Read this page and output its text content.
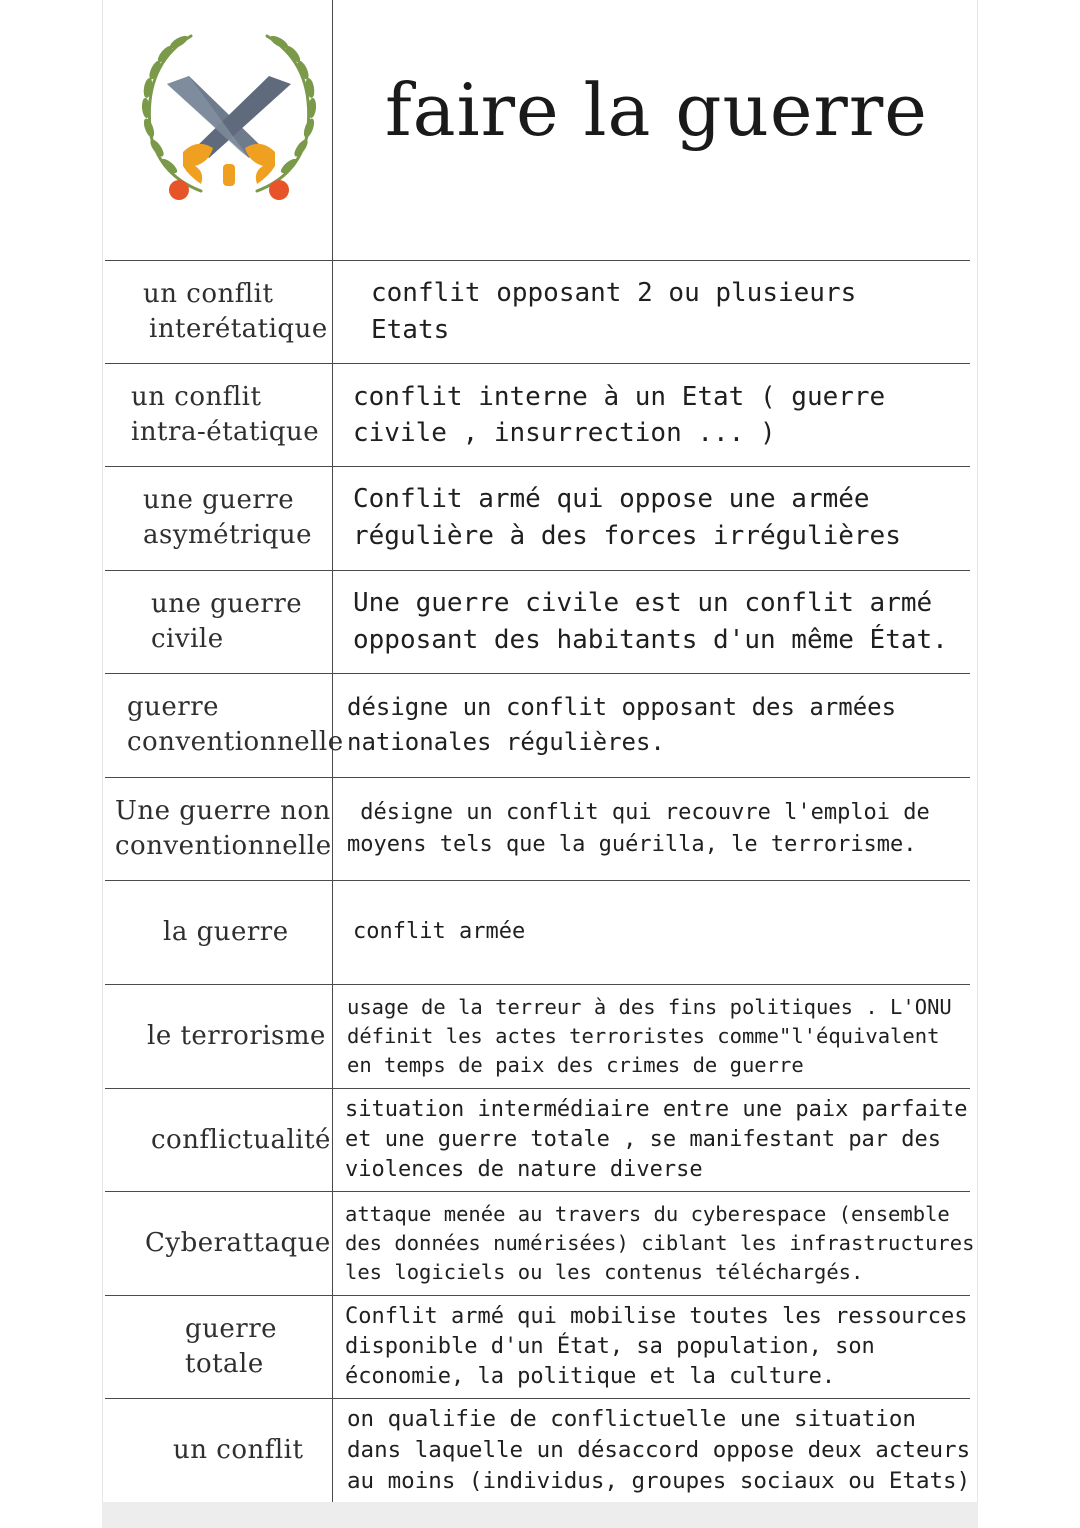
faire la guerre
un conflit
interétatique
conflit opposant 2 ou plusieurs
Etats
un conflit
intra-étatique
conflit interne à un Etat ( guerre
civile , insurrection ... )
une guerre
asymétrique
Conflit armé qui oppose une armée
régulière à des forces irrégulières
une guerre
civile
Une guerre civile est un conflit armé
opposant des habitants d'un même État.
guerre
conventionnelle
désigne un conflit opposant des armées
nationales régulières.
Une guerre non
conventionnelle
désigne un conflit qui recouvre l'emploi de
moyens tels que la guérilla, le terrorisme.
la guerre	conflit armée
le terrorisme
usage de la terreur à des fins politiques . L'ONU
définit les actes terroristes comme"l'équivalent
en temps de paix des crimes de guerre
conflictualité
situation intermédiaire entre une paix parfaite
et une guerre totale , se manifestant par des
violences de nature diverse
Cyberattaque
attaque menée au travers du cyberespace (ensemble
des données numérisées) ciblant les infrastructures
les logiciels ou les contenus téléchargés.
guerre
totale
Conflit armé qui mobilise toutes les ressources
disponible d'un État, sa population, son
économie, la politique et la culture.
un conflit
on qualifie de conflictuelle une situation
dans laquelle un désaccord oppose deux acteurs
au moins (individus, groupes sociaux ou Etats)
